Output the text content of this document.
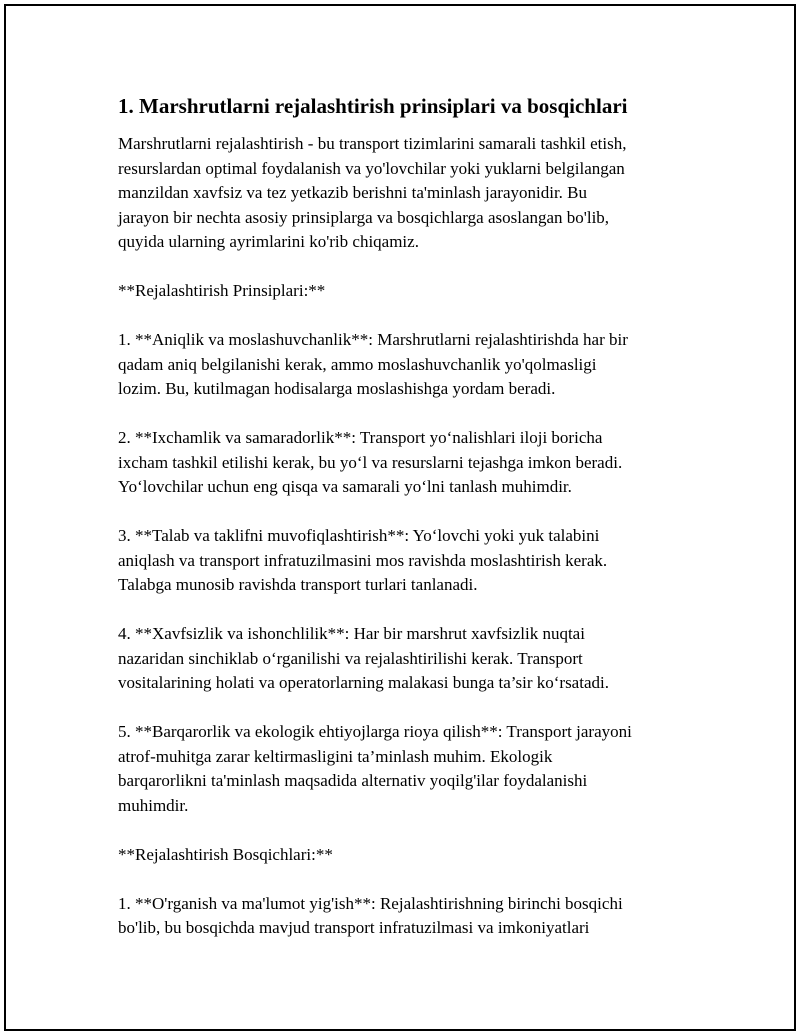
1. Marshrutlarni rejalashtirish prinsiplari va bosqichlari

Marshrutlarni rejalashtirish - bu transport tizimlarini samarali tashkil etish,
resurslardan optimal foydalanish va yo'lovchilar yoki yuklarni belgilangan
manzildan xavfsiz va tez yetkazib berishni ta'minlash jarayonidir. Bu
jarayon bir nechta asosiy prinsiplarga va bosqichlarga asoslangan bo'lib,
quyida ularning ayrimlarini ko'rib chiqamiz.

**Rejalashtirish Prinsiplari:**

1. **Aniqlik va moslashuvchanlik**: Marshrutlarni rejalashtirishda har bir
qadam aniq belgilanishi kerak, ammo moslashuvchanlik yo'qolmasligi
lozim. Bu, kutilmagan hodisalarga moslashishga yordam beradi.

2. **Ixchamlik va samaradorlik**: Transport yo‘nalishlari iloji boricha
ixcham tashkil etilishi kerak, bu yo‘l va resurslarni tejashga imkon beradi.
Yo‘lovchilar uchun eng qisqa va samarali yo‘lni tanlash muhimdir.

3. **Talab va taklifni muvofiqlashtirish**: Yo‘lovchi yoki yuk talabini
aniqlash va transport infratuzilmasini mos ravishda moslashtirish kerak.
Talabga munosib ravishda transport turlari tanlanadi.

4. **Xavfsizlik va ishonchlilik**: Har bir marshrut xavfsizlik nuqtai
nazaridan sinchiklab o‘rganilishi va rejalashtirilishi kerak. Transport
vositalarining holati va operatorlarning malakasi bunga ta’sir ko‘rsatadi.

5. **Barqarorlik va ekologik ehtiyojlarga rioya qilish**: Transport jarayoni
atrof-muhitga zarar keltirmasligini ta’minlash muhim. Ekologik
barqarorlikni ta'minlash maqsadida alternativ yoqilg'ilar foydalanishi
muhimdir.

**Rejalashtirish Bosqichlari:**

1. **O'rganish va ma'lumot yig'ish**: Rejalashtirishning birinchi bosqichi
bo'lib, bu bosqichda mavjud transport infratuzilmasi va imkoniyatlari
